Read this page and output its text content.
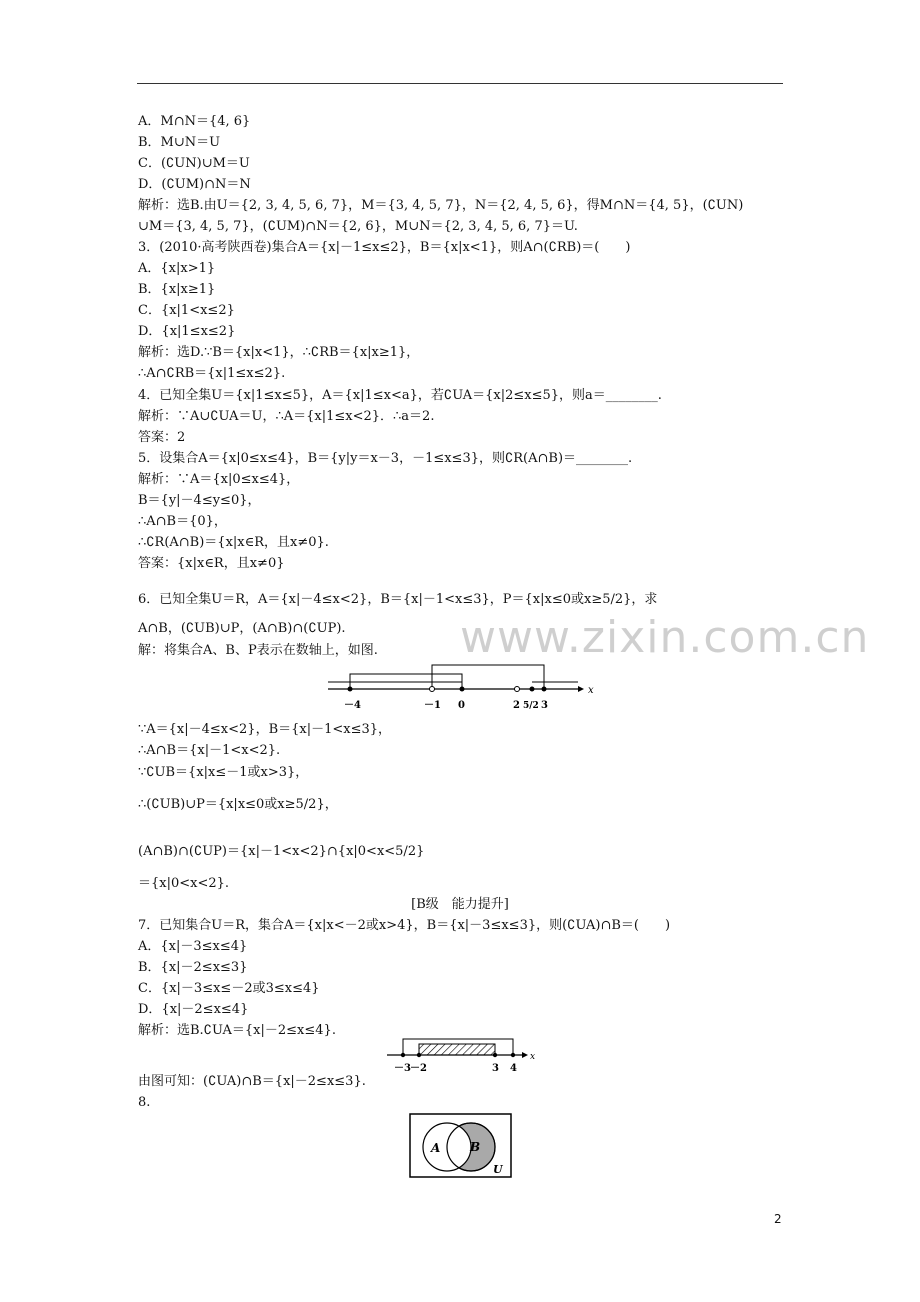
A．M∩N＝{4, 6}
B．M∪N＝U
C．(∁UN)∪M＝U
D．(∁UM)∩N＝N
解析：选B.由U＝{2, 3, 4, 5, 6, 7}，M＝{3, 4, 5, 7}，N＝{2, 4, 5, 6}，得M∩N＝{4, 5}，(∁UN)
∪M＝{3, 4, 5, 7}，(∁UM)∩N＝{2, 6}，M∪N＝{2, 3, 4, 5, 6, 7}＝U.
3．(2010·高考陕西卷)集合A＝{x|－1≤x≤2}，B＝{x|x<1}，则A∩(∁RB)＝(　　)
A．{x|x>1}
B．{x|x≥1}
C．{x|1<x≤2}
D．{x|1≤x≤2}
解析：选D.∵B＝{x|x<1}，∴∁RB＝{x|x≥1}，
∴A∩∁RB＝{x|1≤x≤2}.
4．已知全集U＝{x|1≤x≤5}，A＝{x|1≤x<a}，若∁UA＝{x|2≤x≤5}，则a＝________.
解析：∵A∪∁UA＝U，∴A＝{x|1≤x<2}．∴a＝2.
答案：2
5．设集合A＝{x|0≤x≤4}，B＝{y|y＝x－3，－1≤x≤3}，则∁R(A∩B)＝________.
解析：∵A＝{x|0≤x≤4}，
B＝{y|－4≤y≤0}，
∴A∩B＝{0}，
∴∁R(A∩B)＝{x|x∈R，且x≠0}.
答案：{x|x∈R，且x≠0}
6．已知全集U＝R，A＝{x|－4≤x<2}，B＝{x|－1<x≤3}，P＝{x|x≤0或x≥5/2}，求
A∩B，(∁UB)∪P，(A∩B)∩(∁UP).
解：将集合A、B、P表示在数轴上，如图. www.zixin.com.cn
x
－4	－1 0	2 5/2 3
∵A＝{x|－4≤x<2}，B＝{x|－1<x≤3}，
∴A∩B＝{x|－1<x<2}.
∵∁UB＝{x|x≤－1或x>3}，
∴(∁UB)∪P＝{x|x≤0或x≥5/2}，
(A∩B)∩(∁UP)＝{x|－1<x<2}∩{x|0<x<5/2}
＝{x|0<x<2}.
[B级　能力提升]
7．已知集合U＝R，集合A＝{x|x<－2或x>4}，B＝{x|－3≤x≤3}，则(∁UA)∩B＝(　　)
A．{x|－3≤x≤4}
B．{x|－2≤x≤3}
C．{x|－3≤x≤－2或3≤x≤4}
D．{x|－2≤x≤4}
解析：选B.∁UA＝{x|－2≤x≤4}.
x
－3 －2	3 4
由图可知：(∁UA)∩B＝{x|－2≤x≤3}.
8.
A B
U
2
